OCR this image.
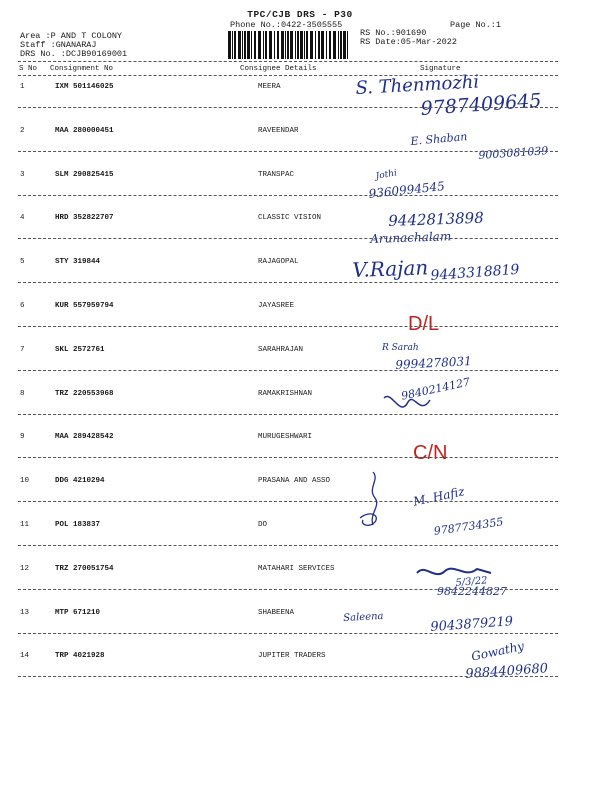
TPC/CJB DRS - P30
Phone No.:0422-3505555	Page No.:1
Area :P AND T COLONY
Staff :GNANARAJ
DRS No. :DCJB90169001
RS No.:901690
RS Date:05-Mar-2022
S No Consignment No	Consignee Details	Signature
1	IXM 501146025	MEERA	S. Thenmozhi
9787409645
2	MAA 280000451	RAVEENDAR	E. Shaban
9003081039
3	SLM 290825415	TRANSPAC	Jothi
9360994545
4	HRD 352822707	CLASSIC VISION	9442813898
Arunachalam
5	STY 319844	RAJAGOPAL	V.Rajan 9443318819
6	KUR 557959794	JAYASREE
D/L
7	SKL 2572761	SARAHRAJAN	R Sarah
9994278031
8	TRZ 220553968	RAMAKRISHNAN	9840214127
9	MAA 289428542	MURUGESHWARI
C/N
10	DDG 4210294	PRASANA AND ASSO
M. Hafiz
11	POL 183837	DO	9787734355
12	TRZ 270051754	MATAHARI SERVICES
5/3/22
9842244827
13	MTP 671210	SHABEENA	Saleena	9043879219
14	TRP 4021928	JUPITER TRADERS	Gowathy
9884409680
